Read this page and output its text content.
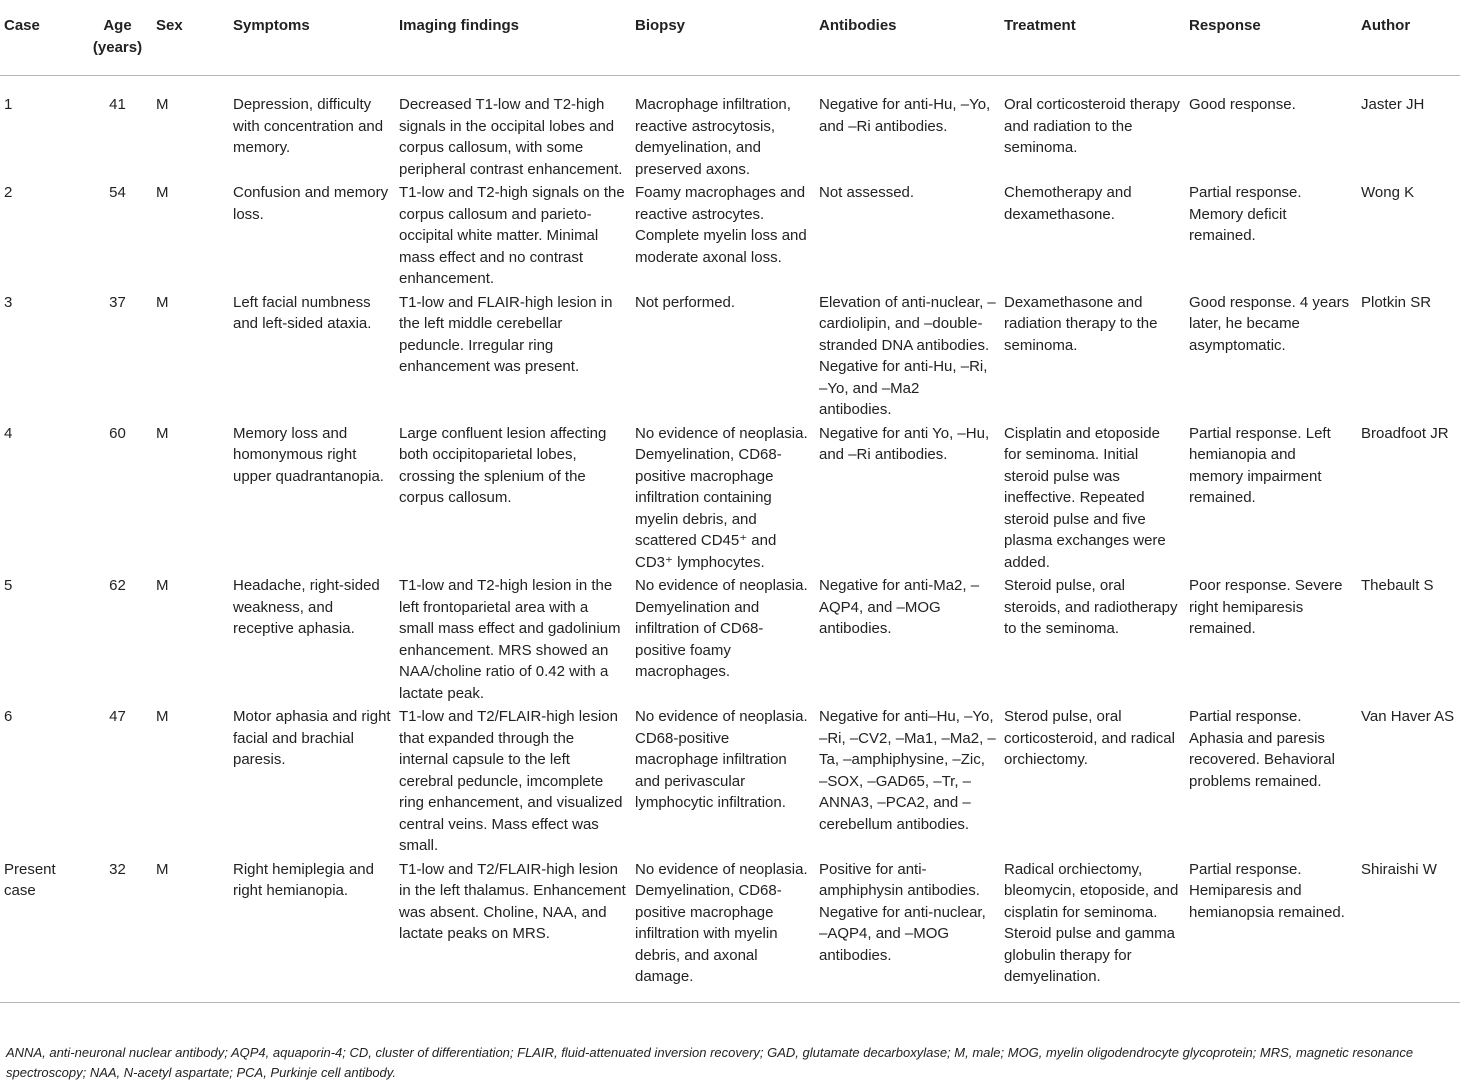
Case	Age (years)	Sex	Symptoms	Imaging findings	Biopsy	Antibodies	Treatment	Response	Author
1	41	M	Depression, difficulty with concentration and memory.	Decreased T1-low and T2-high signals in the occipital lobes and corpus callosum, with some peripheral contrast enhancement.	Macrophage infiltration, reactive astrocytosis, demyelination, and preserved axons.	Negative for anti-Hu, –Yo, and –Ri antibodies.	Oral corticosteroid therapy and radiation to the seminoma.	Good response.	Jaster JH
2	54	M	Confusion and memory loss.	T1-low and T2-high signals on the corpus callosum and parieto-occipital white matter. Minimal mass effect and no contrast enhancement.	Foamy macrophages and reactive astrocytes. Complete myelin loss and moderate axonal loss.	Not assessed.	Chemotherapy and dexamethasone.	Partial response. Memory deficit remained.	Wong K
3	37	M	Left facial numbness and left-sided ataxia.	T1-low and FLAIR-high lesion in the left middle cerebellar peduncle. Irregular ring enhancement was present.	Not performed.	Elevation of anti-nuclear, –cardiolipin, and –double-stranded DNA antibodies. Negative for anti-Hu, –Ri, –Yo, and –Ma2 antibodies.	Dexamethasone and radiation therapy to the seminoma.	Good response. 4 years later, he became asymptomatic.	Plotkin SR
4	60	M	Memory loss and homonymous right upper quadrantanopia.	Large confluent lesion affecting both occipitoparietal lobes, crossing the splenium of the corpus callosum.	No evidence of neoplasia. Demyelination, CD68-positive macrophage infiltration containing myelin debris, and scattered CD45⁺ and CD3⁺ lymphocytes.	Negative for anti Yo, –Hu, and –Ri antibodies.	Cisplatin and etoposide for seminoma. Initial steroid pulse was ineffective. Repeated steroid pulse and five plasma exchanges were added.	Partial response. Left hemianopia and memory impairment remained.	Broadfoot JR
5	62	M	Headache, right-sided weakness, and receptive aphasia.	T1-low and T2-high lesion in the left frontoparietal area with a small mass effect and gadolinium enhancement. MRS showed an NAA/choline ratio of 0.42 with a lactate peak.	No evidence of neoplasia. Demyelination and infiltration of CD68-positive foamy macrophages.	Negative for anti-Ma2, –AQP4, and –MOG antibodies.	Steroid pulse, oral steroids, and radiotherapy to the seminoma.	Poor response. Severe right hemiparesis remained.	Thebault S
6	47	M	Motor aphasia and right facial and brachial paresis.	T1-low and T2/FLAIR-high lesion that expanded through the internal capsule to the left cerebral peduncle, imcomplete ring enhancement, and visualized central veins. Mass effect was small.	No evidence of neoplasia. CD68-positive macrophage infiltration and perivascular lymphocytic infiltration.	Negative for anti–Hu, –Yo, –Ri, –CV2, –Ma1, –Ma2, –Ta, –amphiphysine, –Zic, –SOX, –GAD65, –Tr, –ANNA3, –PCA2, and –cerebellum antibodies.	Sterod pulse, oral corticosteroid, and radical orchiectomy.	Partial response. Aphasia and paresis recovered. Behavioral problems remained.	Van Haver AS
Present case	32	M	Right hemiplegia and right hemianopia.	T1-low and T2/FLAIR-high lesion in the left thalamus. Enhancement was absent. Choline, NAA, and lactate peaks on MRS.	No evidence of neoplasia. Demyelination, CD68-positive macrophage infiltration with myelin debris, and axonal damage.	Positive for anti-amphiphysin antibodies. Negative for anti-nuclear, –AQP4, and –MOG antibodies.	Radical orchiectomy, bleomycin, etoposide, and cisplatin for seminoma. Steroid pulse and gamma globulin therapy for demyelination.	Partial response. Hemiparesis and hemianopsia remained.	Shiraishi W
ANNA, anti-neuronal nuclear antibody; AQP4, aquaporin-4; CD, cluster of differentiation; FLAIR, fluid-attenuated inversion recovery; GAD, glutamate decarboxylase; M, male; MOG, myelin oligodendrocyte glycoprotein; MRS, magnetic resonance spectroscopy; NAA, N-acetyl aspartate; PCA, Purkinje cell antibody.
